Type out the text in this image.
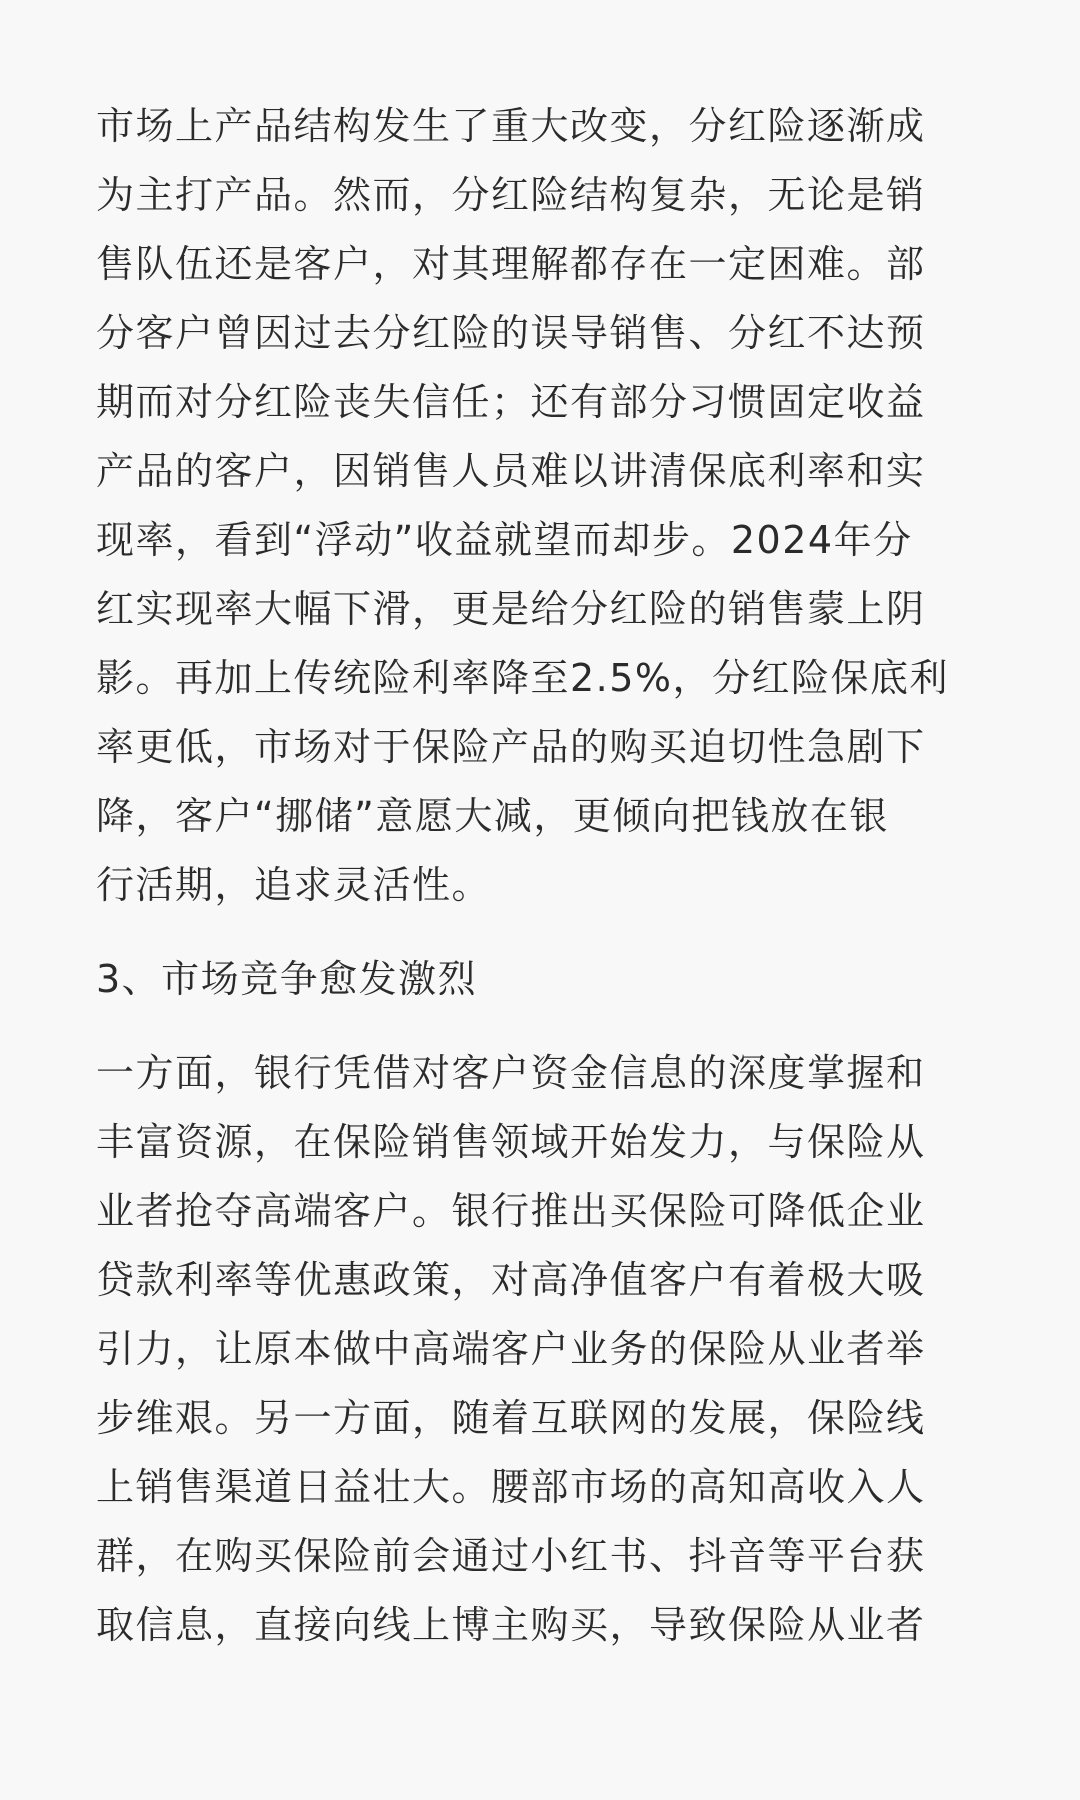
市场上产品结构发生了重大改变，分红险逐渐成
为主打产品。然而，分红险结构复杂，无论是销
售队伍还是客户，对其理解都存在一定困难。部
分客户曾因过去分红险的误导销售、分红不达预
期而对分红险丧失信任；还有部分习惯固定收益
产品的客户，因销售人员难以讲清保底利率和实
现率，看到“浮动”收益就望而却步。2024年分
红实现率大幅下滑，更是给分红险的销售蒙上阴
影。再加上传统险利率降至2.5%，分红险保底利
率更低，市场对于保险产品的购买迫切性急剧下
降，客户“挪储”意愿大减，更倾向把钱放在银
行活期，追求灵活性。
3、市场竞争愈发激烈
一方面，银行凭借对客户资金信息的深度掌握和
丰富资源，在保险销售领域开始发力，与保险从
业者抢夺高端客户。银行推出买保险可降低企业
贷款利率等优惠政策，对高净值客户有着极大吸
引力，让原本做中高端客户业务的保险从业者举
步维艰。另一方面，随着互联网的发展，保险线
上销售渠道日益壮大。腰部市场的高知高收入人
群，在购买保险前会通过小红书、抖音等平台获
取信息，直接向线上博主购买，导致保险从业者
